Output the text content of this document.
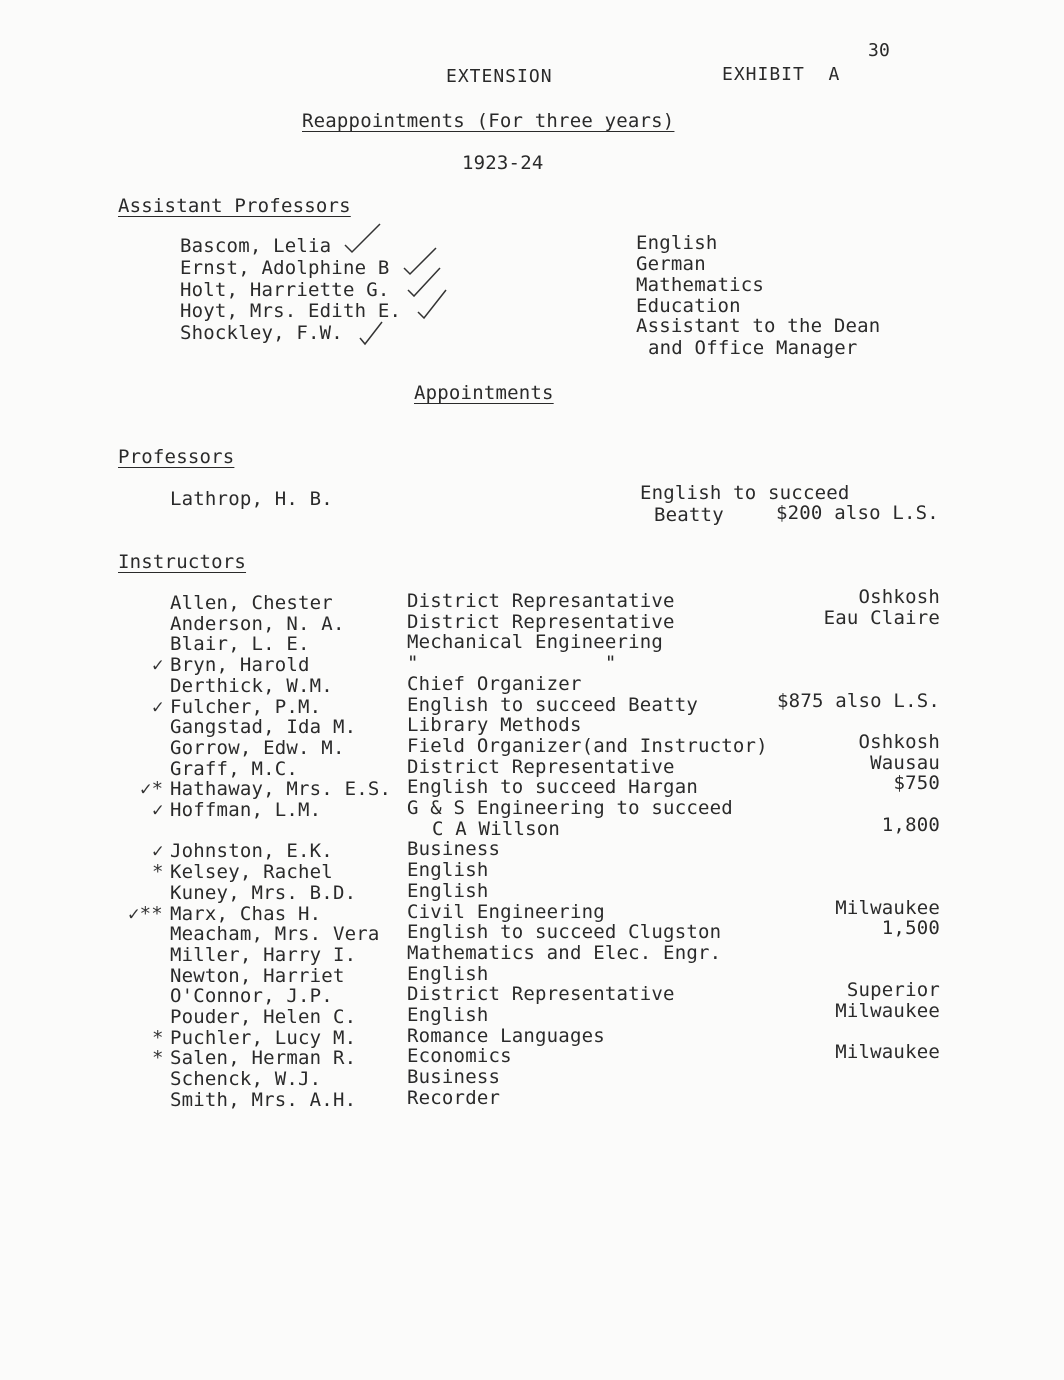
30
EXTENSION	EXHIBIT  A
Reappointments (For three years)
1923-24
Assistant Professors
Bascom, Lelia	English
Ernst, Adolphine B	German
Holt, Harriette G.	Mathematics
Hoyt, Mrs. Edith E.	Education
Shockley, F.W.	Assistant to the Dean
and Office Manager
Appointments
Professors
Lathrop, H. B.	English to succeed
Beatty	$200 also L.S.
Instructors
Allen, Chester	District Represantative	Oshkosh
Anderson, N. A.	District Representative	Eau Claire
Blair, L. E.	Mechanical Engineering
✓ Bryn, Harold	"                "
Derthick, W.M.	Chief Organizer
✓ Fulcher, P.M.	English to succeed Beatty	$875 also L.S.
Gangstad, Ida M.	Library Methods
Gorrow, Edw. M.	Field Organizer(and Instructor)	Oshkosh
Graff, M.C.	District Representative	Wausau
✓* Hathaway, Mrs. E.S. English to succeed Hargan	$750
✓ Hoffman, L.M.	G & S Engineering to succeed
C A Willson	1,800
✓ Johnston, E.K.	Business
* Kelsey, Rachel	English
Kuney, Mrs. B.D.	English
✓** Marx, Chas H.	Civil Engineering	Milwaukee
Meacham, Mrs. Vera English to succeed Clugston	1,500
Miller, Harry I.	Mathematics and Elec. Engr.
Newton, Harriet	English
O'Connor, J.P.	District Representative	Superior
Pouder, Helen C.	English	Milwaukee
* Puchler, Lucy M.	Romance Languages
* Salen, Herman R.	Economics	Milwaukee
Schenck, W.J.	Business
Smith, Mrs. A.H.	Recorder
